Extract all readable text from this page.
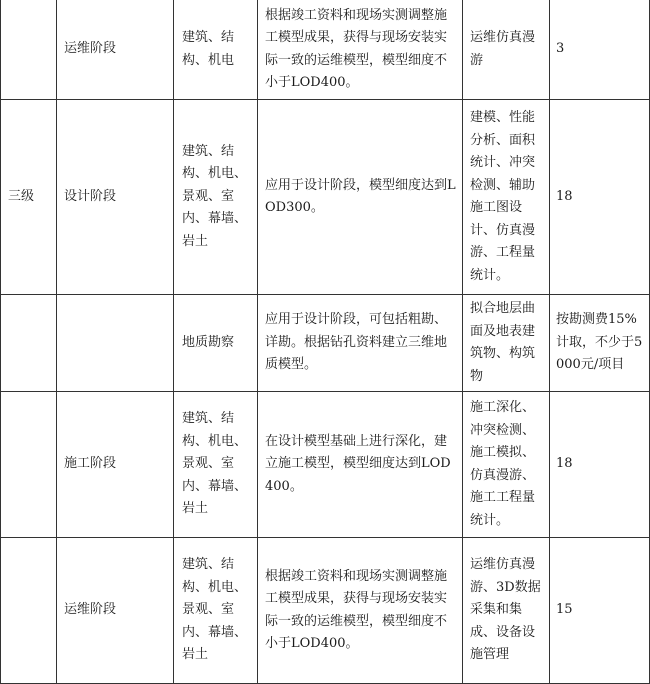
	运维阶段	建筑、结构、机电	根据竣工资料和现场实测调整施工模型成果，获得与现场安装实际一致的运维模型，模型细度不小于LOD400。	运维仿真漫游	3
三级	设计阶段	建筑、结构、机电、景观、室内、幕墙、岩土	应用于设计阶段，模型细度达到LOD300。	建模、性能分析、面积统计、冲突检测、辅助施工图设计、仿真漫游、工程量统计。	18
		地质勘察	应用于设计阶段，可包括粗勘、详勘。根据钻孔资料建立三维地质模型。	拟合地层曲面及地表建筑物、构筑物	按勘测费15%计取，不少于5000元/项目
	施工阶段	建筑、结构、机电、景观、室内、幕墙、岩土	在设计模型基础上进行深化，建立施工模型，模型细度达到LOD400。	施工深化、冲突检测、施工模拟、仿真漫游、施工工程量统计。	18
	运维阶段	建筑、结构、机电、景观、室内、幕墙、岩土	根据竣工资料和现场实测调整施工模型成果，获得与现场安装实际一致的运维模型，模型细度不小于LOD400。	运维仿真漫游、3D数据采集和集成、设备设施管理	15
